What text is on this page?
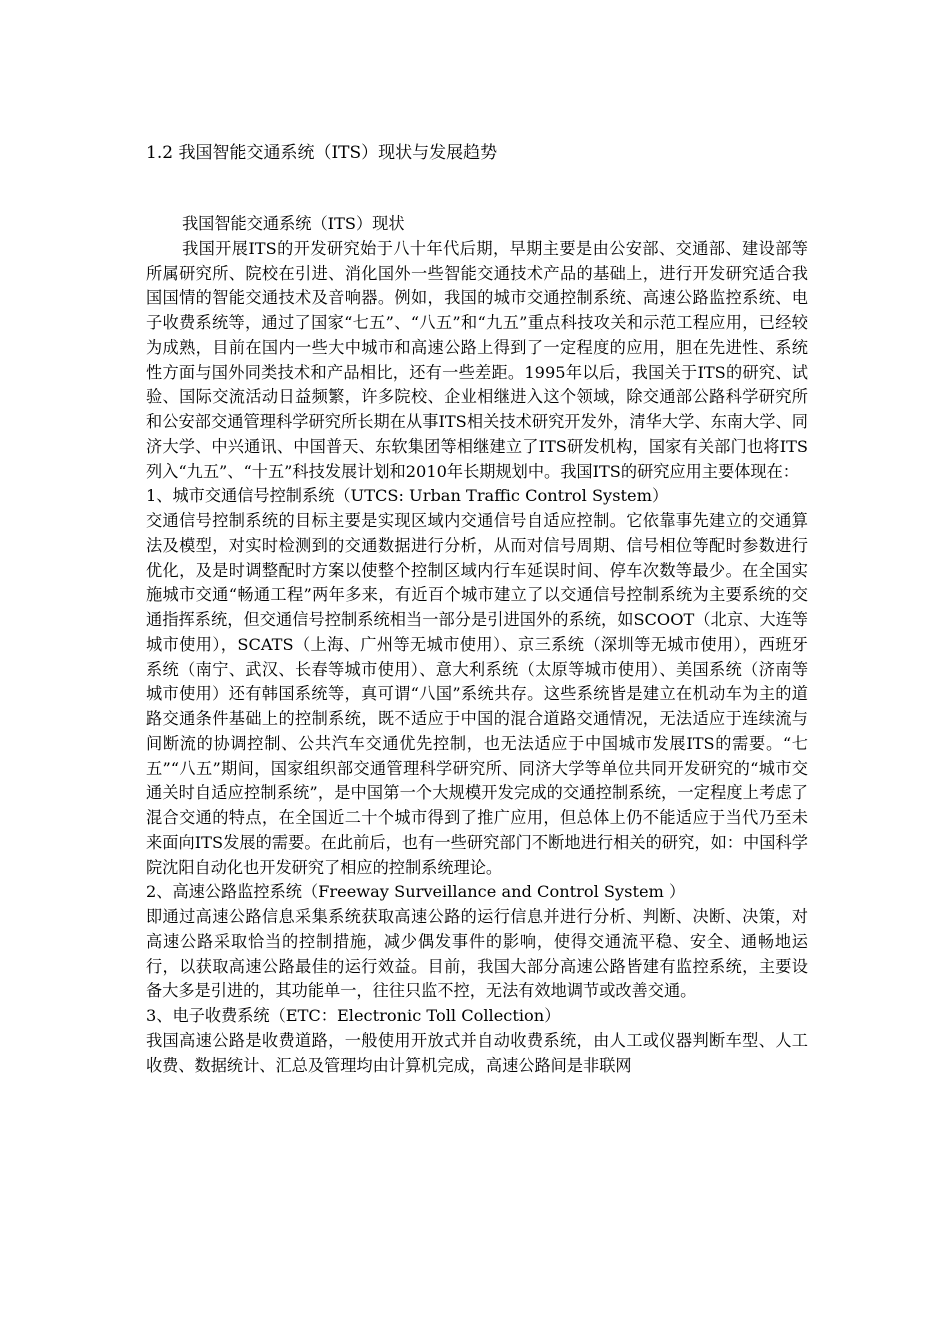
1.2 我国智能交通系统（ITS）现状与发展趋势

我国智能交通系统（ITS）现状

我国开展ITS的开发研究始于八十年代后期，早期主要是由公安部、交通部、建设部等所属研究所、院校在引进、消化国外一些智能交通技术产品的基础上，进行开发研究适合我国国情的智能交通技术及音响器。例如，我国的城市交通控制系统、高速公路监控系统、电子收费系统等，通过了国家“七五”、“八五”和“九五”重点科技攻关和示范工程应用，已经较为成熟，目前在国内一些大中城市和高速公路上得到了一定程度的应用，胆在先进性、系统性方面与国外同类技术和产品相比，还有一些差距。1995年以后，我国关于ITS的研究、试验、国际交流活动日益频繁，许多院校、企业相继进入这个领域，除交通部公路科学研究所和公安部交通管理科学研究所长期在从事ITS相关技术研究开发外，清华大学、东南大学、同济大学、中兴通讯、中国普天、东软集团等相继建立了ITS研发机构，国家有关部门也将ITS列入“九五”、“十五”科技发展计划和2010年长期规划中。我国ITS的研究应用主要体现在：

1、城市交通信号控制系统（UTCS: Urban Traffic Control System）

交通信号控制系统的目标主要是实现区域内交通信号自适应控制。它依靠事先建立的交通算法及模型，对实时检测到的交通数据进行分析，从而对信号周期、信号相位等配时参数进行优化，及是时调整配时方案以使整个控制区域内行车延误时间、停车次数等最少。在全国实施城市交通“畅通工程”两年多来，有近百个城市建立了以交通信号控制系统为主要系统的交通指挥系统，但交通信号控制系统相当一部分是引进国外的系统，如SCOOT（北京、大连等城市使用），SCATS（上海、广州等无城市使用）、京三系统（深圳等无城市使用），西班牙系统（南宁、武汉、长春等城市使用）、意大利系统（太原等城市使用）、美国系统（济南等城市使用）还有韩国系统等，真可谓“八国”系统共存。这些系统皆是建立在机动车为主的道路交通条件基础上的控制系统，既不适应于中国的混合道路交通情况，无法适应于连续流与间断流的协调控制、公共汽车交通优先控制，也无法适应于中国城市发展ITS的需要。“七五”“八五”期间，国家组织部交通管理科学研究所、同济大学等单位共同开发研究的“城市交通关时自适应控制系统”，是中国第一个大规模开发完成的交通控制系统，一定程度上考虑了混合交通的特点，在全国近二十个城市得到了推广应用，但总体上仍不能适应于当代乃至未来面向ITS发展的需要。在此前后，也有一些研究部门不断地进行相关的研究，如：中国科学院沈阳自动化也开发研究了相应的控制系统理论。

2、高速公路监控系统（Freeway Surveillance and Control System ）

即通过高速公路信息采集系统获取高速公路的运行信息并进行分析、判断、决断、决策，对高速公路采取恰当的控制措施，减少偶发事件的影响，使得交通流平稳、安全、通畅地运行，以获取高速公路最佳的运行效益。目前，我国大部分高速公路皆建有监控系统，主要设备大多是引进的，其功能单一，往往只监不控，无法有效地调节或改善交通。

3、电子收费系统（ETC：Electronic Toll Collection）

我国高速公路是收费道路，一般使用开放式并自动收费系统，由人工或仪器判断车型、人工收费、数据统计、汇总及管理均由计算机完成，高速公路间是非联网
